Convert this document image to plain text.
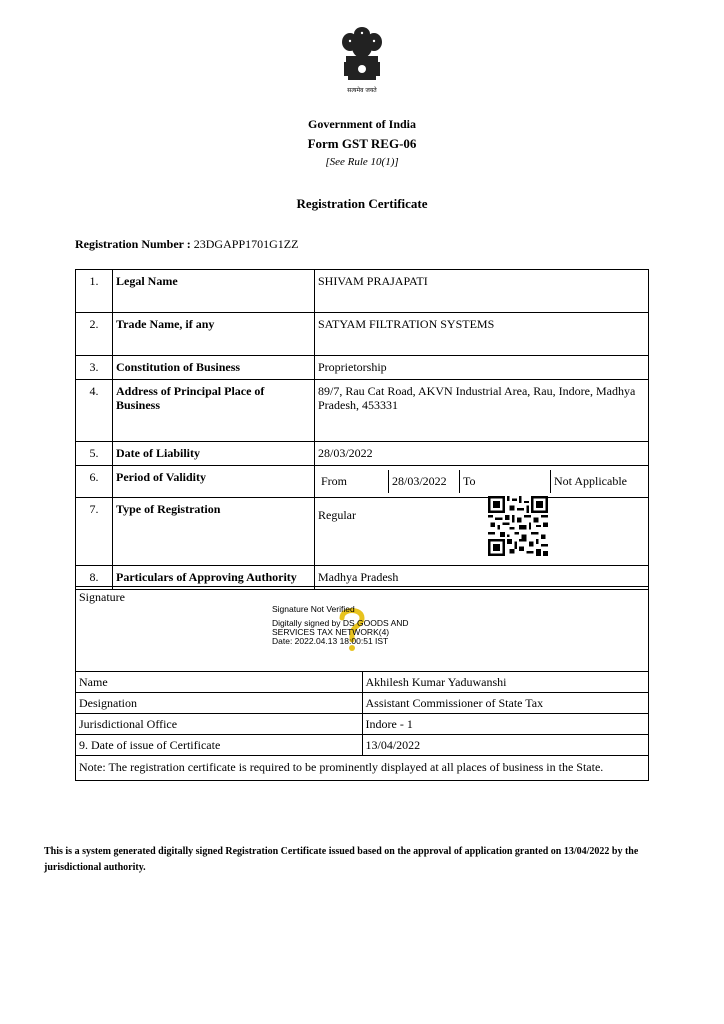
सत्यमेव जयते
Government of India
Form GST REG-06
[See Rule 10(1)]
Registration Certificate
Registration Number : 23DGAPP1701G1ZZ
1.	Legal Name	SHIVAM PRAJAPATI
2.	Trade Name, if any	SATYAM FILTRATION SYSTEMS
3.	Constitution of Business	Proprietorship
4.	Address of Principal Place of Business	89/7, Rau Cat Road, AKVN Industrial Area, Rau, Indore, Madhya Pradesh, 453331
5.	Date of Liability	28/03/2022
6.	Period of Validity		From	28/03/2022	To	Not Applicable

7.	Type of Registration	Regular
8.	Particulars of Approving Authority	Madhya Pradesh
Signature
Signature Not Verified
Digitally signed by DS GOODS AND
SERVICES TAX NETWORK(4)
Date: 2022.04.13 18:00:51 IST	

Name	Akhilesh Kumar Yaduwanshi
Designation	Assistant Commissioner of State Tax
Jurisdictional Office	Indore - 1
9. Date of issue of Certificate	13/04/2022
Note: The registration certificate is required to be prominently displayed at all places of business in the State.	
This is a system generated digitally signed Registration Certificate issued based on the approval of application granted on 13/04/2022 by the jurisdictional authority.
